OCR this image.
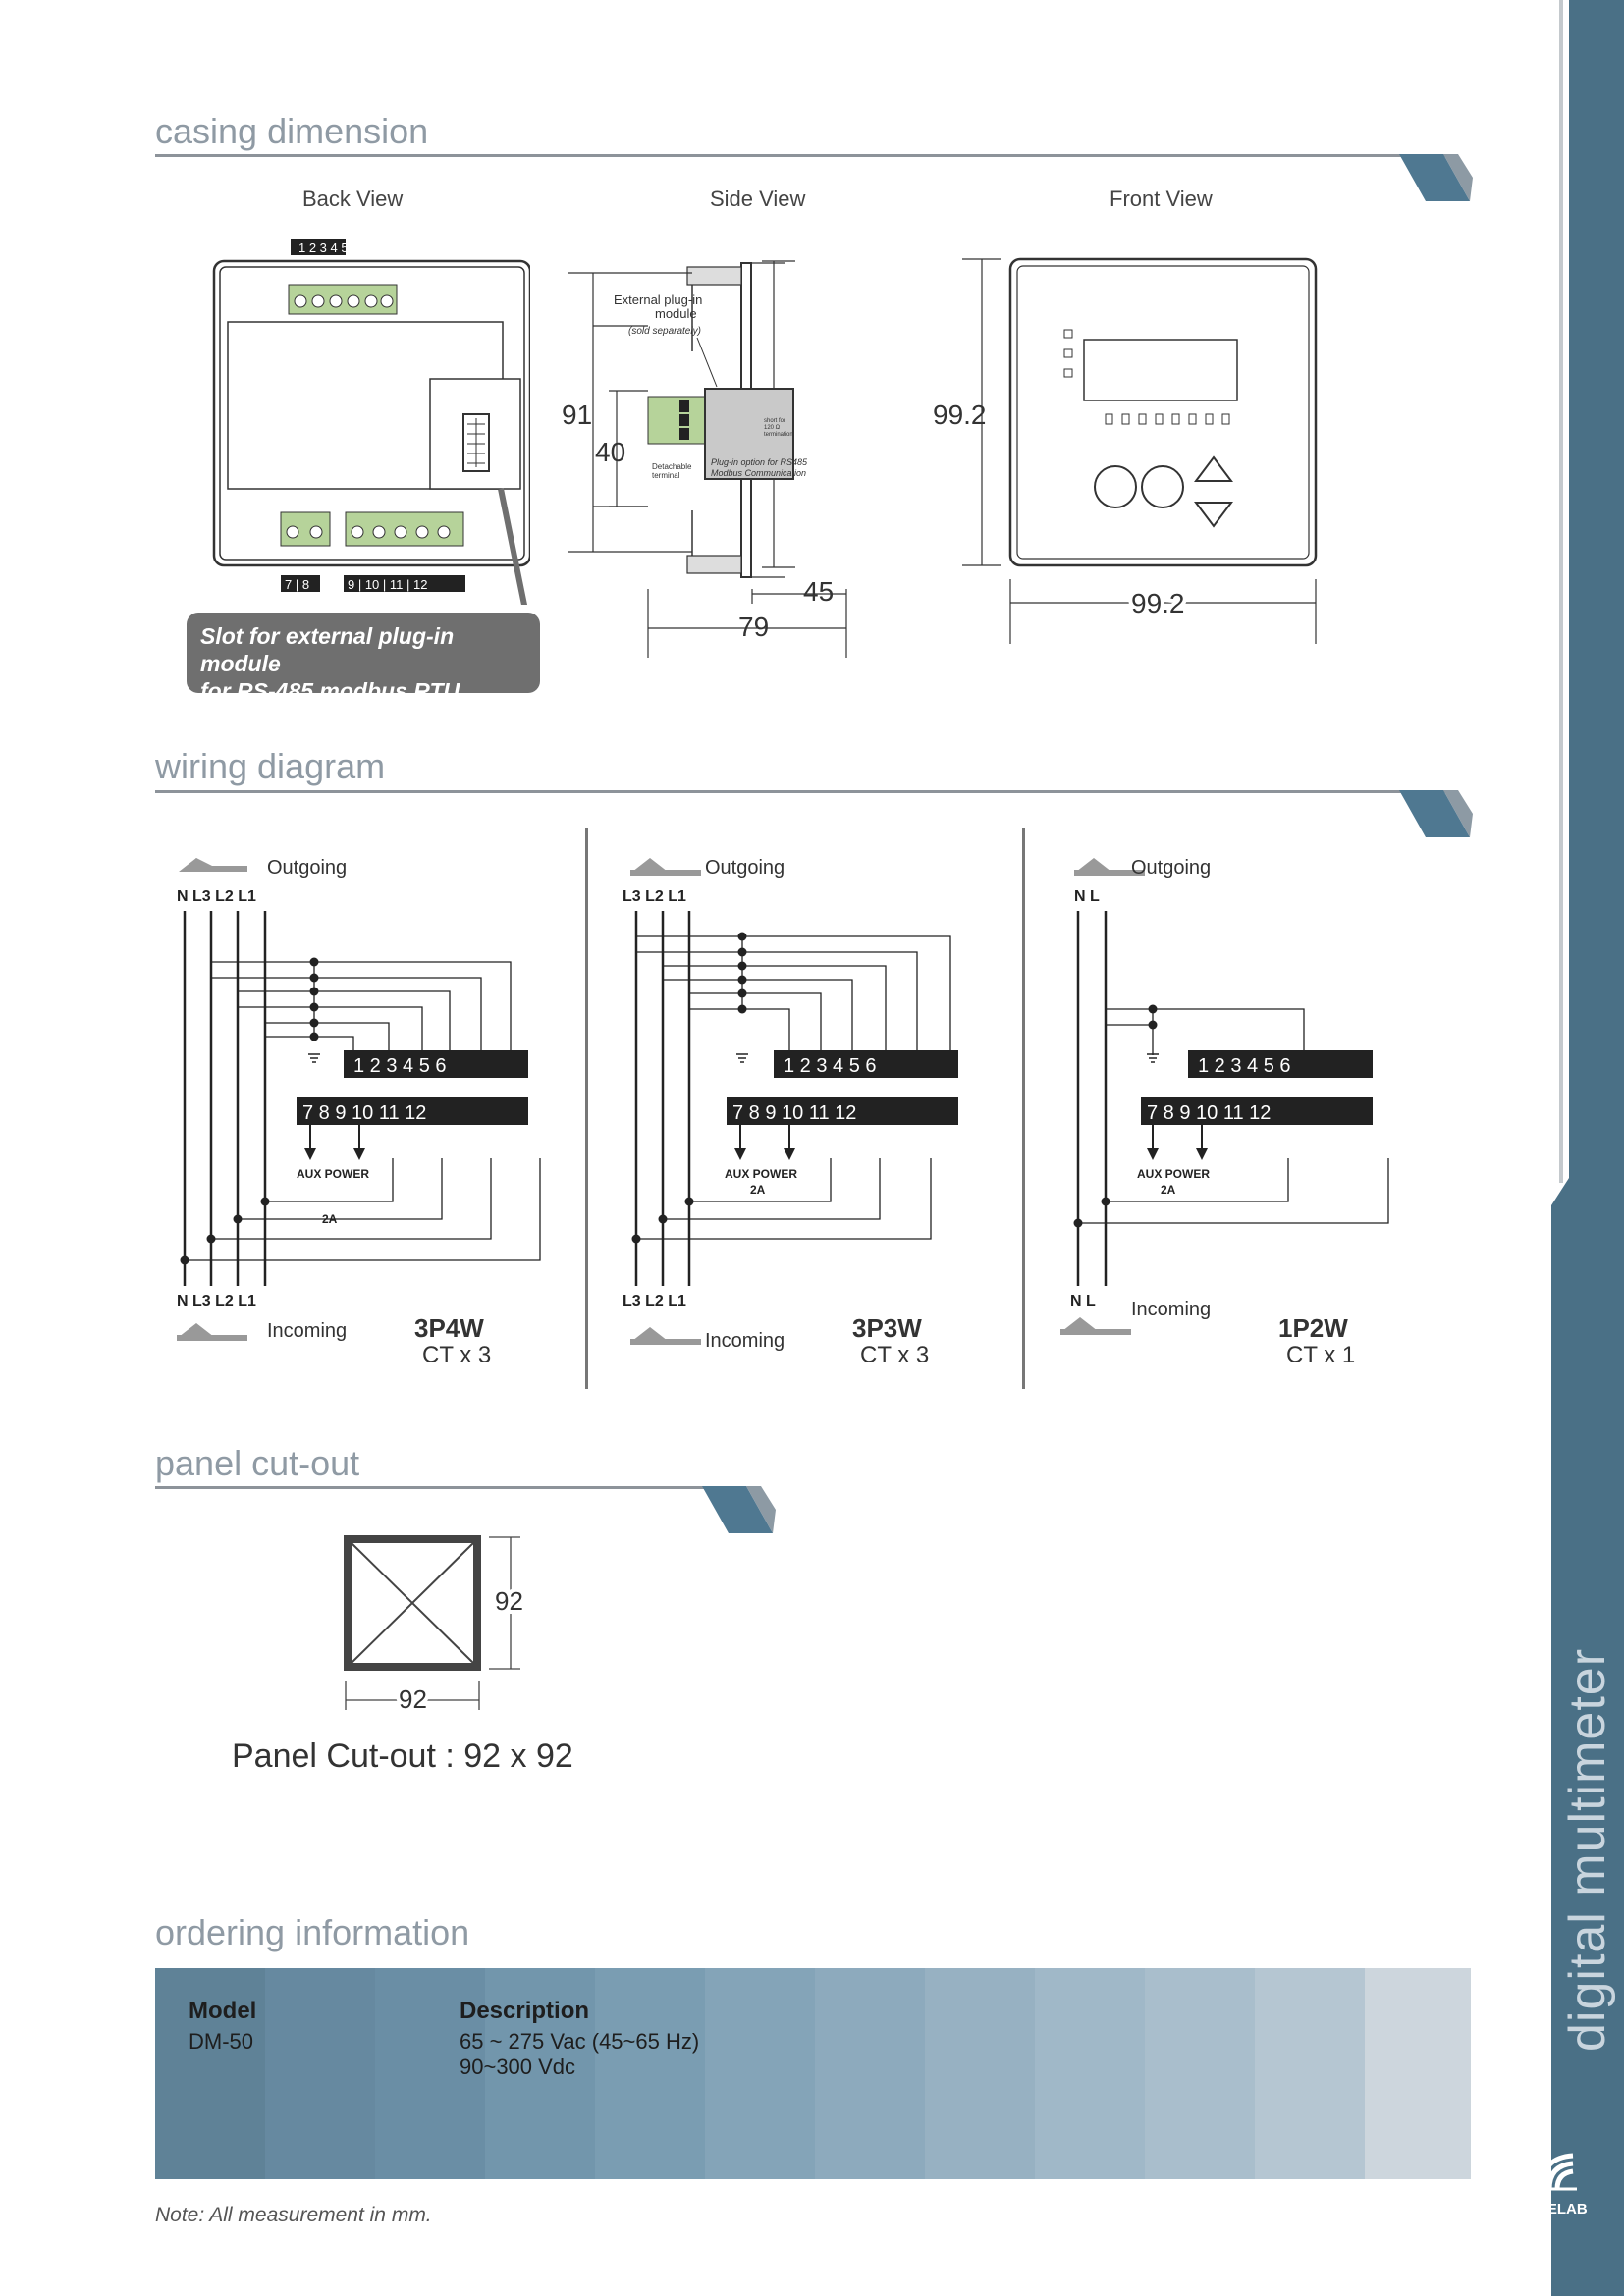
digital multimeter
DELAB
casing dimension
Back View	Side View	Front View
1 2 3 4 5 6
7 | 8	9 | 10 | 11 | 12
Slot for external plug-in module
for RS-485 modbus RTU
External plug-in
module
(sold separately)
Detachable
terminal
short for
120 Ω
termination
Plug-in option for RS485
Modbus Communication
91
40
45
79
99.2
99.2
wiring diagram
Outgoing
N L3 L2 L1
1 2 3 4 5 6
7 8 9 10 11 12
AUX POWER
2A
N L3 L2 L1
Incoming	3P4W
CT x 3
Outgoing
L3 L2 L1
1 2 3 4 5 6
7 8 9 10 11 12
AUX POWER
2A
L3 L2 L1
Incoming	3P3W
CT x 3
Outgoing
N L
1 2 3 4 5 6
7 8 9 10 11 12
AUX POWER
2A
N L Incoming
1P2W
CT x 1
panel cut-out
92
92
Panel Cut-out : 92 x 92
ordering information
Model	Description
DM-50	65 ~ 275 Vac (45~65 Hz)
90~300 Vdc
Note: All measurement in mm.
